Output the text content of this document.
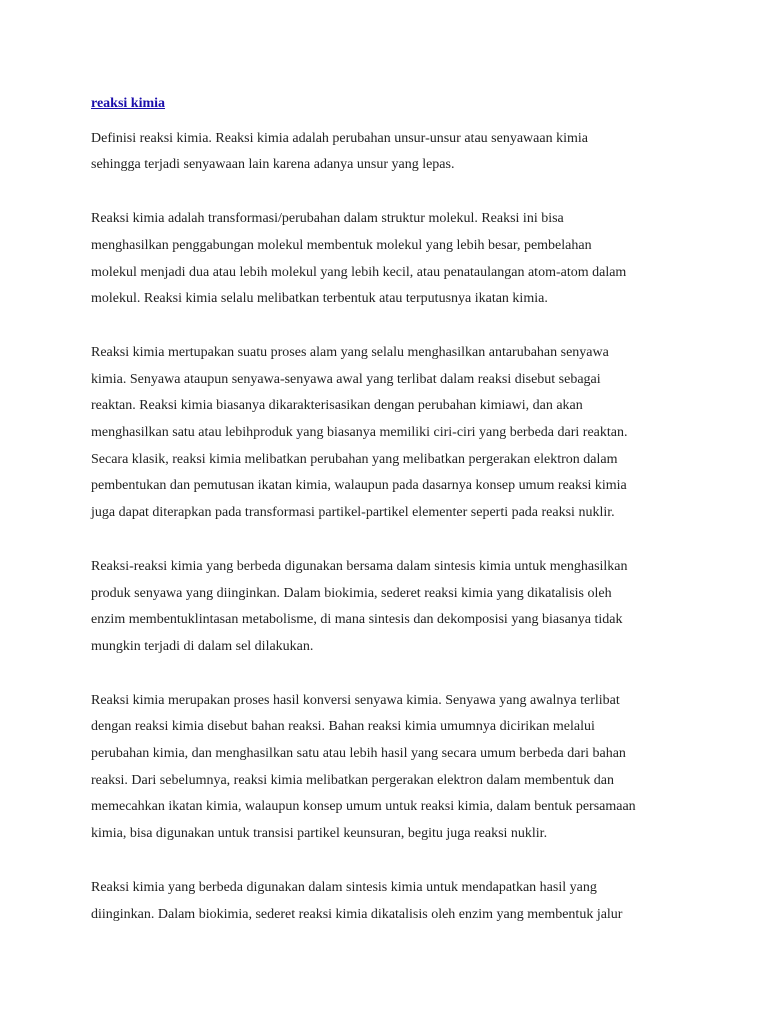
reaksi kimia

Definisi reaksi kimia. Reaksi kimia adalah perubahan unsur-unsur atau senyawaan kimia
sehingga terjadi senyawaan lain karena adanya unsur yang lepas.

Reaksi kimia adalah transformasi/perubahan dalam struktur molekul. Reaksi ini bisa
menghasilkan penggabungan molekul membentuk molekul yang lebih besar, pembelahan
molekul menjadi dua atau lebih molekul yang lebih kecil, atau penataulangan atom-atom dalam
molekul. Reaksi kimia selalu melibatkan terbentuk atau terputusnya ikatan kimia.

Reaksi kimia mertupakan suatu proses alam yang selalu menghasilkan antarubahan senyawa
kimia. Senyawa ataupun senyawa-senyawa awal yang terlibat dalam reaksi disebut sebagai
reaktan. Reaksi kimia biasanya dikarakterisasikan dengan perubahan kimiawi, dan akan
menghasilkan satu atau lebihproduk yang biasanya memiliki ciri-ciri yang berbeda dari reaktan.
Secara klasik, reaksi kimia melibatkan perubahan yang melibatkan pergerakan elektron dalam
pembentukan dan pemutusan ikatan kimia, walaupun pada dasarnya konsep umum reaksi kimia
juga dapat diterapkan pada transformasi partikel-partikel elementer seperti pada reaksi nuklir.

Reaksi-reaksi kimia yang berbeda digunakan bersama dalam sintesis kimia untuk menghasilkan
produk senyawa yang diinginkan. Dalam biokimia, sederet reaksi kimia yang dikatalisis oleh
enzim membentuklintasan metabolisme, di mana sintesis dan dekomposisi yang biasanya tidak
mungkin terjadi di dalam sel dilakukan.

Reaksi kimia merupakan proses hasil konversi senyawa kimia. Senyawa yang awalnya terlibat
dengan reaksi kimia disebut bahan reaksi. Bahan reaksi kimia umumnya dicirikan melalui
perubahan kimia, dan menghasilkan satu atau lebih hasil yang secara umum berbeda dari bahan
reaksi. Dari sebelumnya, reaksi kimia melibatkan pergerakan elektron dalam membentuk dan
memecahkan ikatan kimia, walaupun konsep umum untuk reaksi kimia, dalam bentuk persamaan
kimia, bisa digunakan untuk transisi partikel keunsuran, begitu juga reaksi nuklir.

Reaksi kimia yang berbeda digunakan dalam sintesis kimia untuk mendapatkan hasil yang
diinginkan. Dalam biokimia, sederet reaksi kimia dikatalisis oleh enzim yang membentuk jalur
